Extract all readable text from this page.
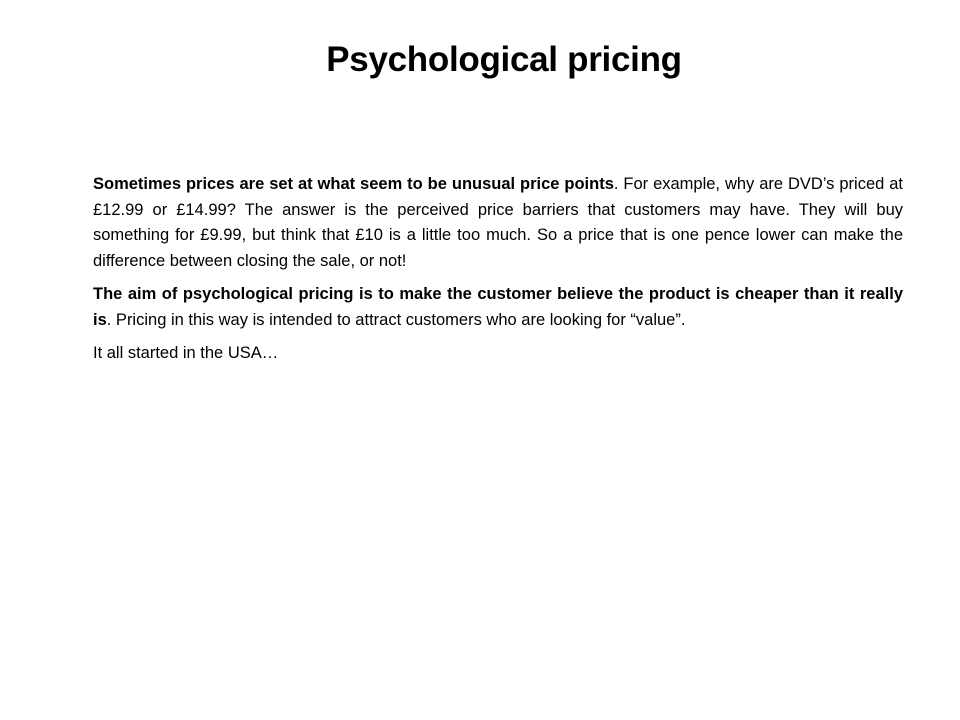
Psychological pricing

Sometimes prices are set at what seem to be unusual price points. For example, why are DVD’s priced at £12.99 or £14.99? The answer is the perceived price barriers that customers may have. They will buy something for £9.99, but think that £10 is a little too much. So a price that is one pence lower can make the difference between closing the sale, or not!

The aim of psychological pricing is to make the customer believe the product is cheaper than it really is. Pricing in this way is intended to attract customers who are looking for “value”.

It all started in the USA…
